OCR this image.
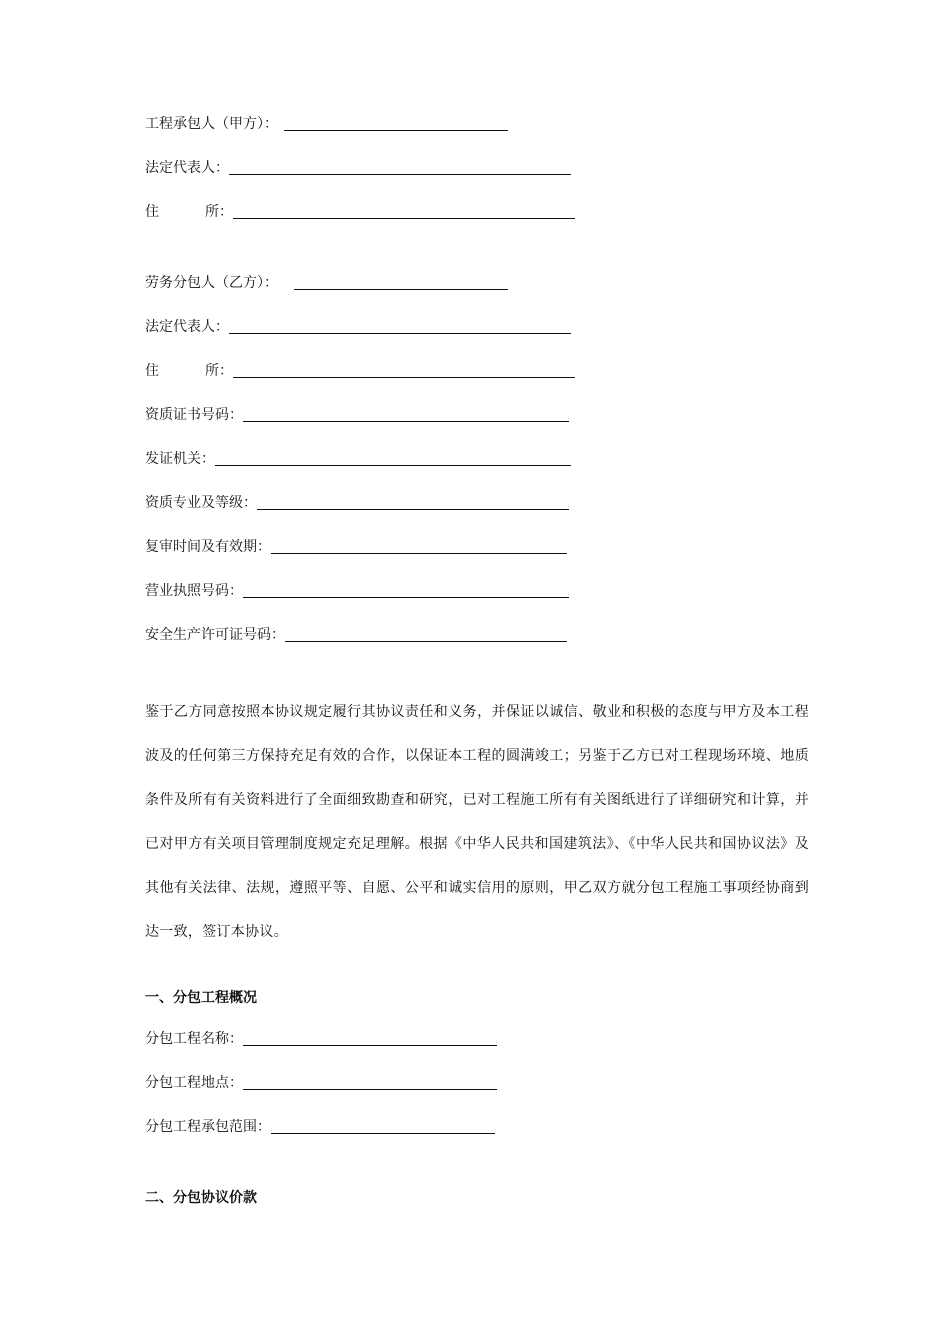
工程承包人（甲方）：
法定代表人：
住	所：
劳务分包人（乙方）：
法定代表人：
住	所：
资质证书号码：
发证机关：
资质专业及等级：
复审时间及有效期：
营业执照号码：
安全生产许可证号码：
鉴于乙方同意按照本协议规定履行其协议责任和义务，并保证以诚信、敬业和积极的态度与甲方及本工程波及的任何第三方保持充足有效的合作，以保证本工程的圆满竣工；另鉴于乙方已对工程现场环境、地质条件及所有有关资料进行了全面细致勘查和研究，已对工程施工所有有关图纸进行了详细研究和计算，并已对甲方有关项目管理制度规定充足理解。根据《中华人民共和国建筑法》、《中华人民共和国协议法》及其他有关法律、法规，遵照平等、自愿、公平和诚实信用的原则，甲乙双方就分包工程施工事项经协商到达一致，签订本协议。
一、分包工程概况
分包工程名称：
分包工程地点：
分包工程承包范围：
二、分包协议价款
